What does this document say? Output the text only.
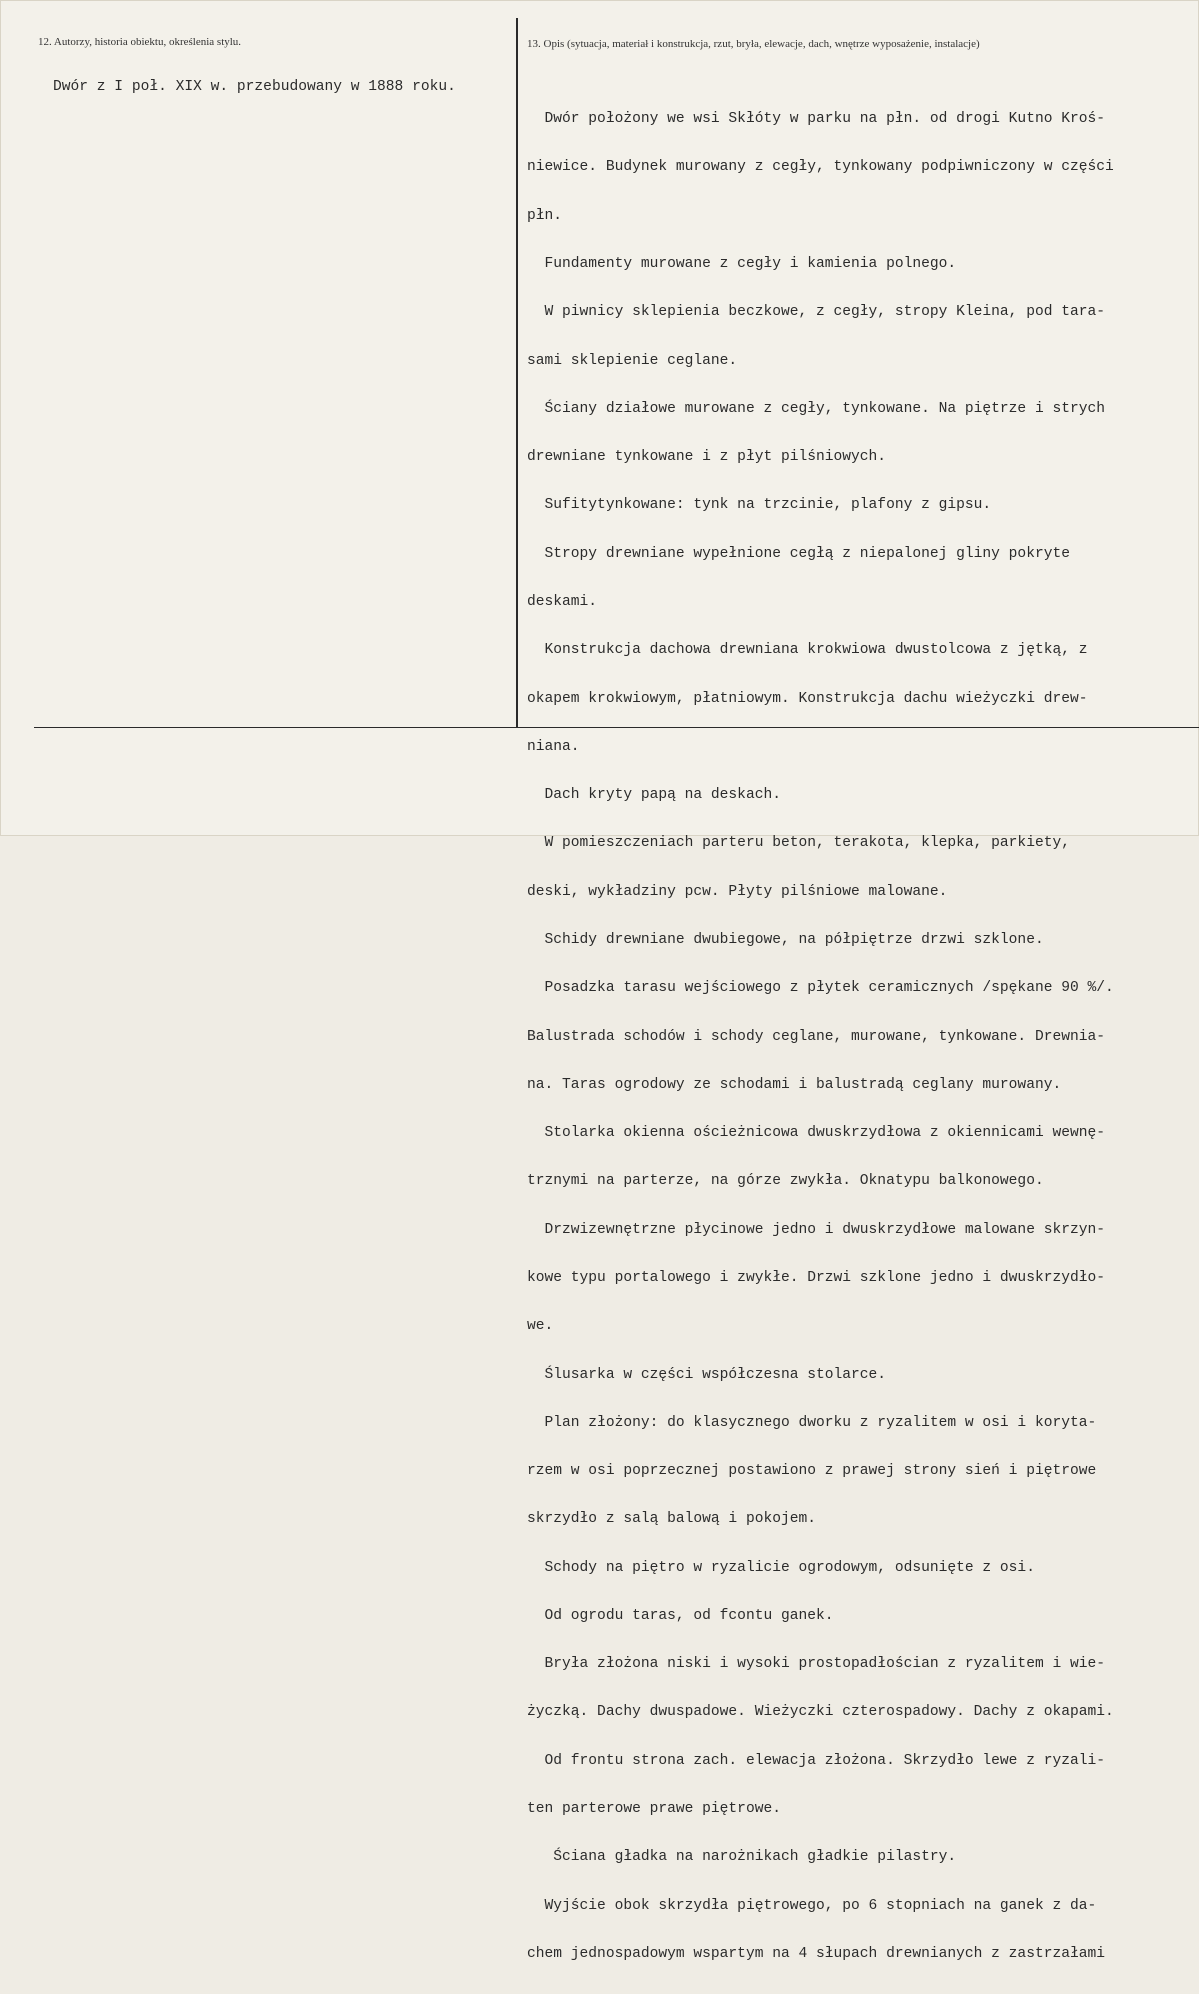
12. Autorzy, historia obiektu, określenia stylu.	13. Opis (sytuacja, materiał i konstrukcja, rzut, bryła, elewacje, dach, wnętrze wyposażenie, instalacje)
Dwór z I poł. XIX w. przebudowany w 1888 roku.

Dwór położony we wsi Skłóty w parku na płn. od drogi Kutno Kroś-

niewice. Budynek murowany z cegły, tynkowany podpiwniczony w części

płn.

Fundamenty murowane z cegły i kamienia polnego.

W piwnicy sklepienia beczkowe, z cegły, stropy Kleina, pod tara-

sami sklepienie ceglane.

Ściany działowe murowane z cegły, tynkowane. Na piętrze i strych

drewniane tynkowane i z płyt pilśniowych.

Sufitytynkowane: tynk na trzcinie, plafony z gipsu.

Stropy drewniane wypełnione cegłą z niepalonej gliny pokryte

deskami.

Konstrukcja dachowa drewniana krokwiowa dwustolcowa z jętką, z

okapem krokwiowym, płatniowym. Konstrukcja dachu wieżyczki drew-

niana.

Dach kryty papą na deskach.

W pomieszczeniach parteru beton, terakota, klepka, parkiety,

deski, wykładziny pcw. Płyty pilśniowe malowane.

Schidy drewniane dwubiegowe, na półpiętrze drzwi szklone.

Posadzka tarasu wejściowego z płytek ceramicznych /spękane 90 %/.

Balustrada schodów i schody ceglane, murowane, tynkowane. Drewnia-

na. Taras ogrodowy ze schodami i balustradą ceglany murowany.

Stolarka okienna ościeżnicowa dwuskrzydłowa z okiennicami wewnę-

trznymi na parterze, na górze zwykła. Oknatypu balkonowego.

Drzwizewnętrzne płycinowe jedno i dwuskrzydłowe malowane skrzyn-

kowe typu portalowego i zwykłe. Drzwi szklone jedno i dwuskrzydło-

we.

Ślusarka w części współczesna stolarce.

Plan złożony: do klasycznego dworku z ryzalitem w osi i koryta-

rzem w osi poprzecznej postawiono z prawej strony sień i piętrowe

skrzydło z salą balową i pokojem.

Schody na piętro w ryzalicie ogrodowym, odsunięte z osi.

Od ogrodu taras, od fcontu ganek.

Bryła złożona niski i wysoki prostopadłościan z ryzalitem i wie-

życzką. Dachy dwuspadowe. Wieżyczki czterospadowy. Dachy z okapami.

Od frontu strona zach. elewacja złożona. Skrzydło lewe z ryzali-

ten parterowe prawe piętrowe.

Ściana gładka na narożnikach gładkie pilastry.

Wyjście obok skrzydła piętrowego, po 6 stopniach na ganek z da-

chem jednospadowym wspartym na 4 słupach drewnianych z zastrzałami
